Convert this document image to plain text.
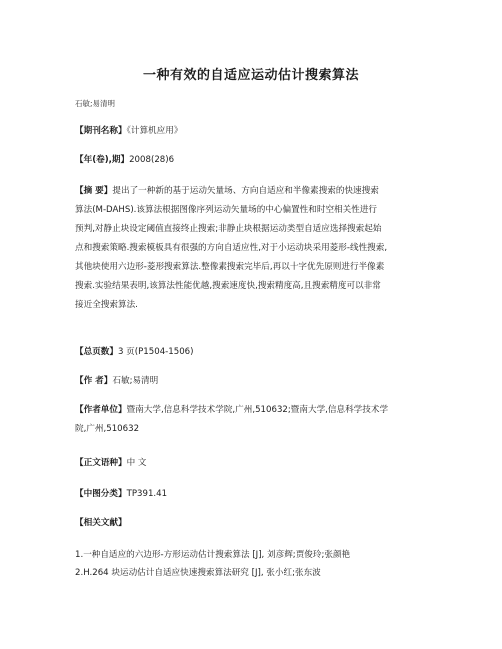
一种有效的自适应运动估计搜索算法
石敏;易清明
【期刊名称】《计算机应用》
【年(卷),期】2008(28)6
【摘 要】提出了一种新的基于运动矢量场、方向自适应和半像素搜索的快速搜索
算法(M-DAHS).该算法根据图像序列运动矢量场的中心偏置性和时空相关性进行
预判,对静止块设定阈值直接终止搜索;非静止块根据运动类型自适应选择搜索起始
点和搜索策略.搜索模板具有很强的方向自适应性,对于小运动块采用菱形-线性搜索,
其他块使用六边形-菱形搜索算法.整像素搜索完毕后,再以十字优先原则进行半像素
搜索.实验结果表明,该算法性能优越,搜索速度快,搜索精度高,且搜索精度可以非常
接近全搜索算法.
【总页数】3 页(P1504-1506)
【作 者】石敏;易清明
【作者单位】暨南大学,信息科学技术学院,广州,510632;暨南大学,信息科学技术学
院,广州,510632
【正文语种】中 文
【中图分类】TP391.41
【相关文献】
1.一种自适应的六边形-方形运动估计搜索算法 [J], 刘彦辉;贾俊玲;张颜艳
2.H.264 块运动估计自适应快速搜索算法研究 [J], 张小红;张东波
